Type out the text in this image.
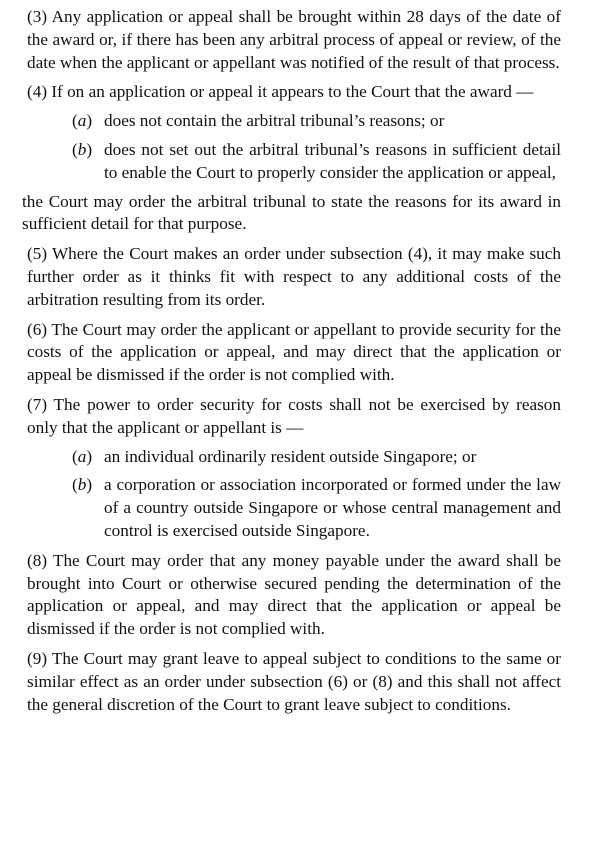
(3) Any application or appeal shall be brought within 28 days of the date of the award or, if there has been any arbitral process of appeal or review, of the date when the applicant or appellant was notified of the result of that process.

(4) If on an application or appeal it appears to the Court that the award —

(a) does not contain the arbitral tribunal’s reasons; or
(b) does not set out the arbitral tribunal’s reasons in sufficient detail to enable the Court to properly consider the application or appeal,

the Court may order the arbitral tribunal to state the reasons for its award in sufficient detail for that purpose.

(5) Where the Court makes an order under subsection (4), it may make such further order as it thinks fit with respect to any additional costs of the arbitration resulting from its order.

(6) The Court may order the applicant or appellant to provide security for the costs of the application or appeal, and may direct that the application or appeal be dismissed if the order is not complied with.

(7) The power to order security for costs shall not be exercised by reason only that the applicant or appellant is —

(a) an individual ordinarily resident outside Singapore; or
(b) a corporation or association incorporated or formed under the law of a country outside Singapore or whose central management and control is exercised outside Singapore.

(8) The Court may order that any money payable under the award shall be brought into Court or otherwise secured pending the determination of the application or appeal, and may direct that the application or appeal be dismissed if the order is not complied with.

(9) The Court may grant leave to appeal subject to conditions to the same or similar effect as an order under subsection (6) or (8) and this shall not affect the general discretion of the Court to grant leave subject to conditions.
